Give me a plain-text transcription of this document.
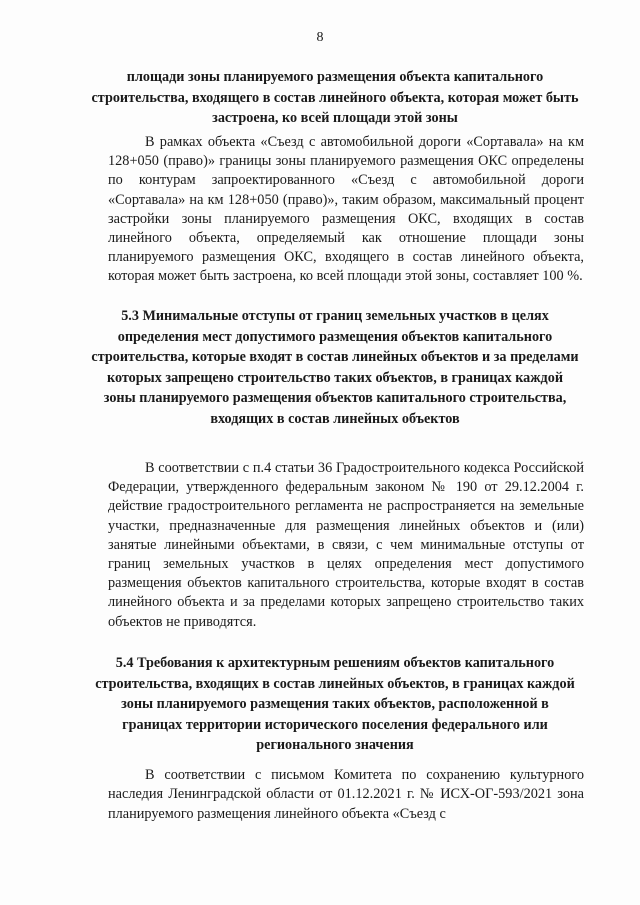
8
площади зоны планируемого размещения объекта капитального строительства, входящего в состав линейного объекта, которая может быть застроена, ко всей площади этой зоны
В рамках объекта «Съезд с автомобильной дороги «Сортавала» на км 128+050 (право)» границы зоны планируемого размещения ОКС определены по контурам запроектированного «Съезд с автомобильной дороги «Сортавала» на км 128+050 (право)», таким образом, максимальный процент застройки зоны планируемого размещения ОКС, входящих в состав линейного объекта, определяемый как отношение площади зоны планируемого размещения ОКС, входящего в состав линейного объекта, которая может быть застроена, ко всей площади этой зоны, составляет 100 %.
5.3 Минимальные отступы от границ земельных участков в целях определения мест допустимого размещения объектов капитального строительства, которые входят в состав линейных объектов и за пределами которых запрещено строительство таких объектов, в границах каждой зоны планируемого размещения объектов капитального строительства, входящих в состав линейных объектов
В соответствии с п.4 статьи 36 Градостроительного кодекса Российской Федерации, утвержденного федеральным законом № 190 от 29.12.2004 г. действие градостроительного регламента не распространяется на земельные участки, предназначенные для размещения линейных объектов и (или) занятые линейными объектами, в связи, с чем минимальные отступы от границ земельных участков в целях определения мест допустимого размещения объектов капитального строительства, которые входят в состав линейного объекта и за пределами которых запрещено строительство таких объектов не приводятся.
5.4 Требования к архитектурным решениям объектов капитального строительства, входящих в состав линейных объектов, в границах каждой зоны планируемого размещения таких объектов, расположенной в границах территории исторического поселения федерального или регионального значения
В соответствии с письмом Комитета по сохранению культурного наследия Ленинградской области от 01.12.2021 г. № ИСХ-ОГ-593/2021 зона планируемого размещения линейного объекта «Съезд с
